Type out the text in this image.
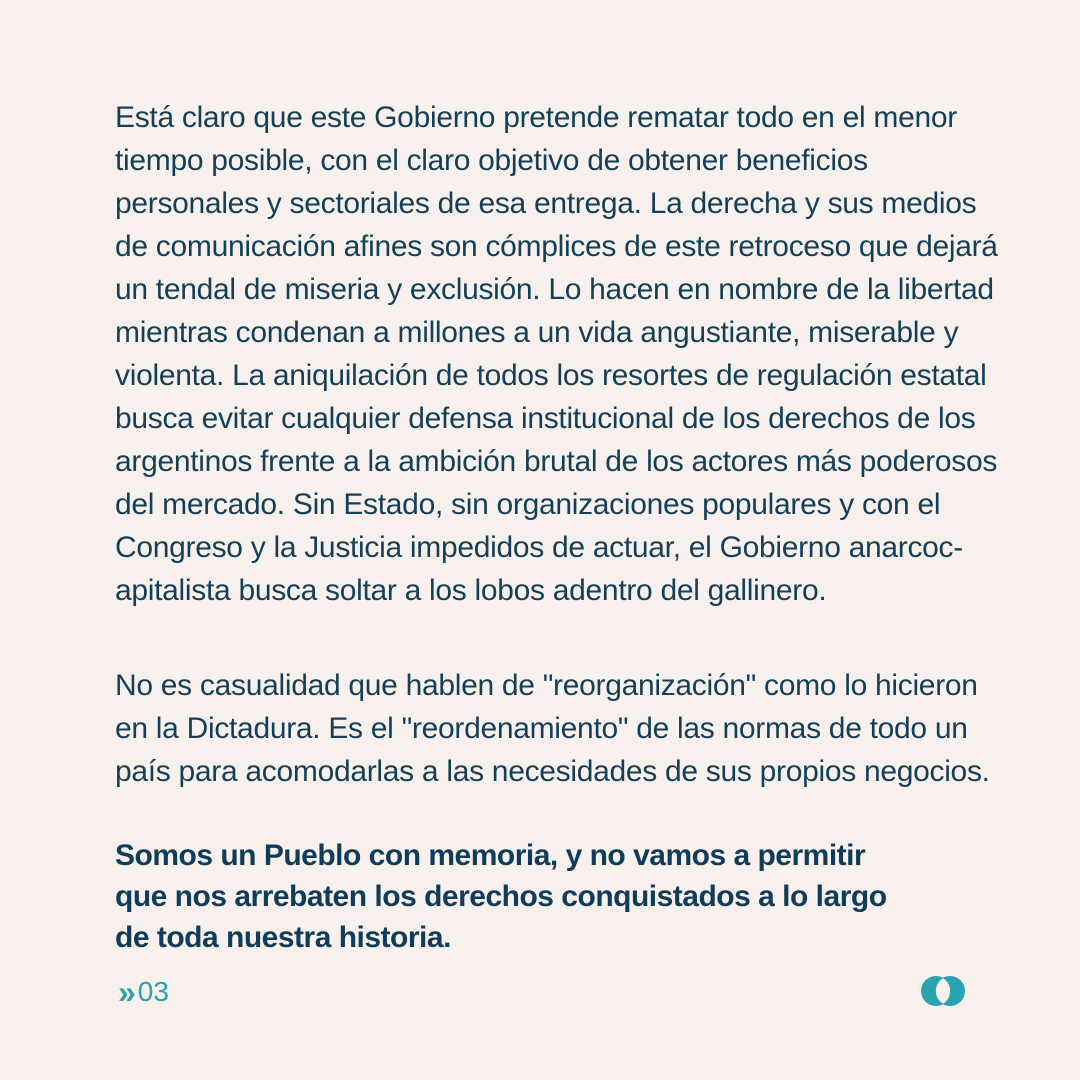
Está claro que este Gobierno pretende rematar todo en el menor
tiempo posible, con el claro objetivo de obtener beneficios
personales y sectoriales de esa entrega. La derecha y sus medios
de comunicación afines son cómplices de este retroceso que dejará
un tendal de miseria y exclusión. Lo hacen en nombre de la libertad
mientras condenan a millones a un vida angustiante, miserable y
violenta. La aniquilación de todos los resortes de regulación estatal
busca evitar cualquier defensa institucional de los derechos de los
argentinos frente a la ambición brutal de los actores más poderosos
del mercado. Sin Estado, sin organizaciones populares y con el
Congreso y la Justicia impedidos de actuar, el Gobierno anarcoc-
apitalista busca soltar a los lobos adentro del gallinero.
No es casualidad que hablen de "reorganización" como lo hicieron
en la Dictadura. Es el "reordenamiento" de las normas de todo un
país para acomodarlas a las necesidades de sus propios negocios.
Somos un Pueblo con memoria, y no vamos a permitir
que nos arrebaten los derechos conquistados a lo largo
de toda nuestra historia.
» 03
